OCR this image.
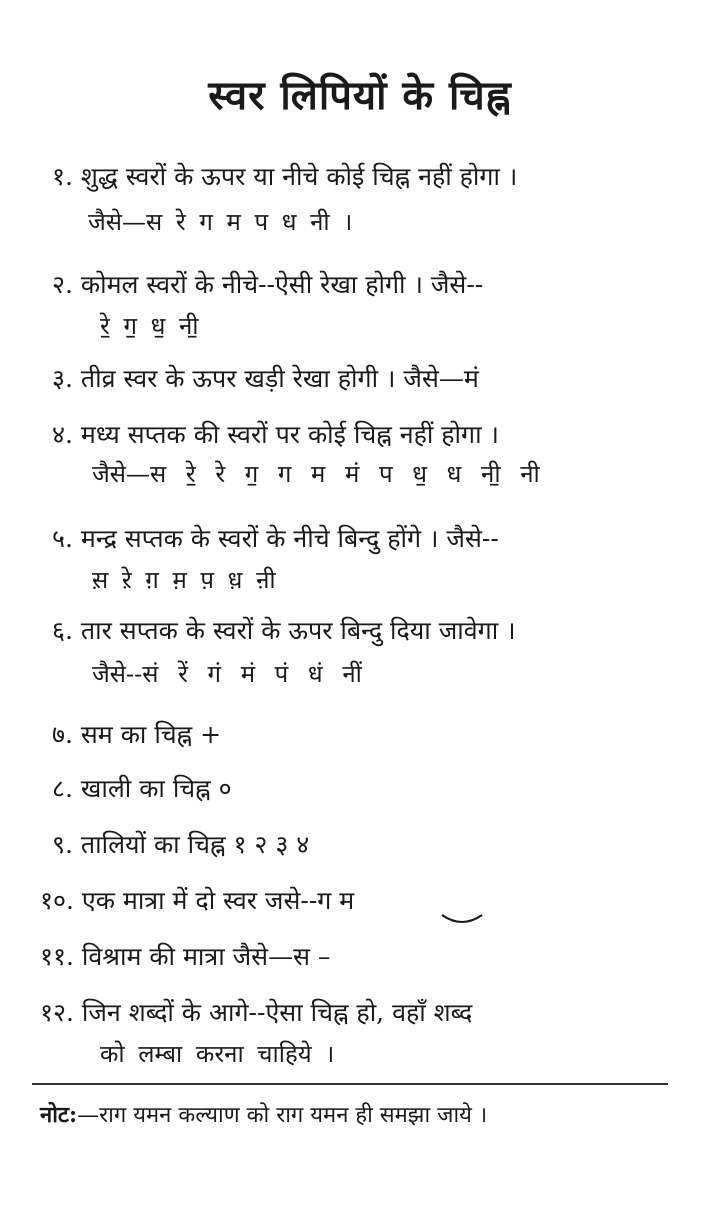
स्वर लिपियों के चिह्न
१. शुद्ध स्वरों के ऊपर या नीचे कोई चिह्न नहीं होगा ।
जैसे—स रे ग म प ध नी ।
२. कोमल स्वरों के नीचे--ऐसी रेखा होगी । जैसे--
रे॒ ग॒ ध॒ नी॒
३. तीव्र स्वर के ऊपर खड़ी रेखा होगी । जैसे—मं
४. मध्य सप्तक की स्वरों पर कोई चिह्न नहीं होगा ।
जैसे—स रे॒ रे ग॒ ग म मं प ध॒ ध नी॒ नी
५. मन्द्र सप्तक के स्वरों के नीचे बिन्दु होंगे । जैसे--
स़ ऱे ग़ म़ प़ ध़ ऩी
६. तार सप्तक के स्वरों के ऊपर बिन्दु दिया जावेगा ।
जैसे--सं रें गं मं पं धं नीं
७. सम का चिह्न +
८. खाली का चिह्न ०
९. तालियों का चिह्न १ २ ३ ४
१०. एक मात्रा में दो स्वर जसे--ग म
११. विश्राम की मात्रा जैसे—स –
१२. जिन शब्दों के आगे--ऐसा चिह्न हो, वहाँ शब्द
को लम्बा करना चाहिये ।
नोट:—राग यमन कल्याण को राग यमन ही समझा जाये ।
